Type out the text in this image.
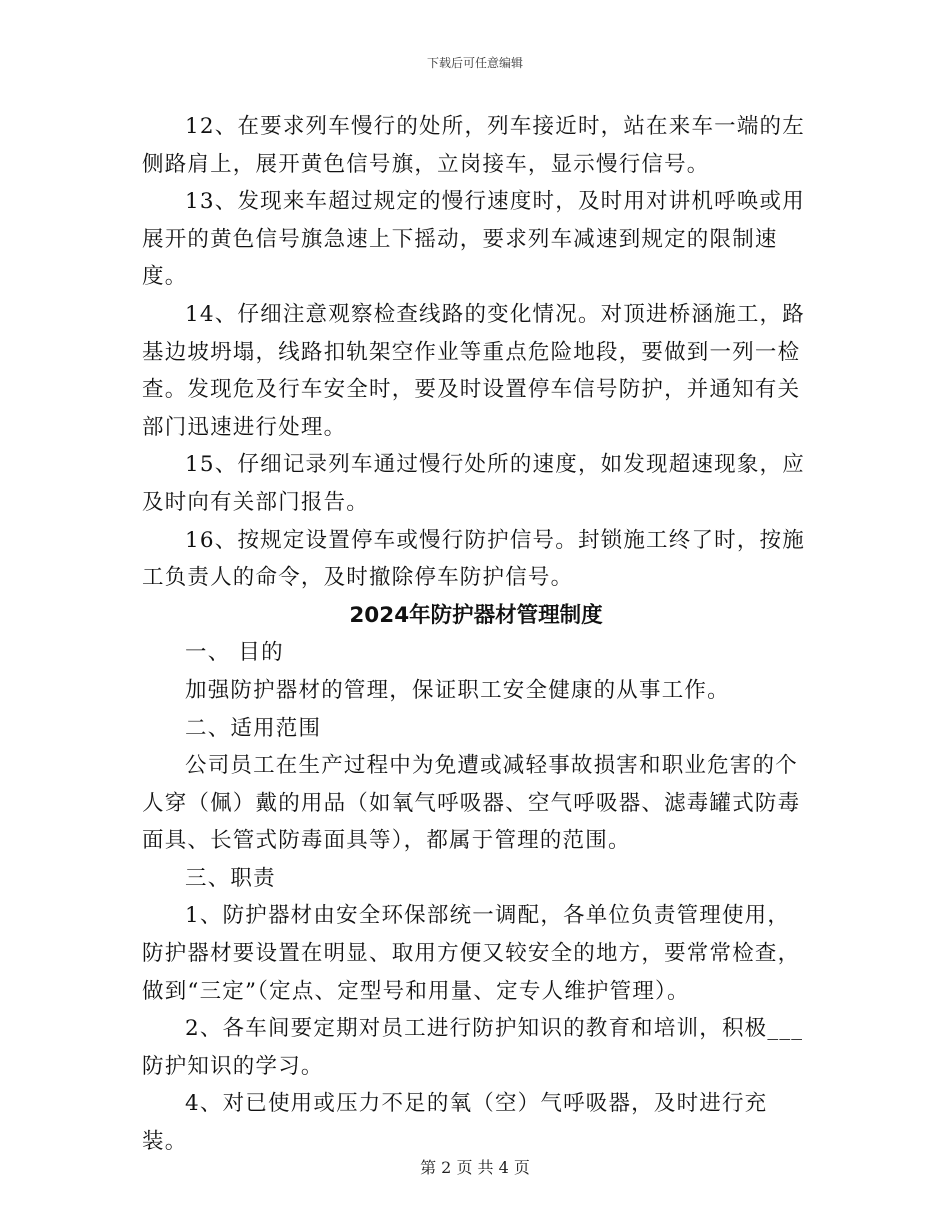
下载后可任意编辑

12、在要求列车慢行的处所，列车接近时，站在来车一端的左侧路肩上，展开黄色信号旗，立岗接车，显示慢行信号。

13、发现来车超过规定的慢行速度时，及时用对讲机呼唤或用展开的黄色信号旗急速上下摇动，要求列车减速到规定的限制速度。

14、仔细注意观察检查线路的变化情况。对顶进桥涵施工，路基边坡坍塌，线路扣轨架空作业等重点危险地段，要做到一列一检查。发现危及行车安全时，要及时设置停车信号防护，并通知有关部门迅速进行处理。

15、仔细记录列车通过慢行处所的速度，如发现超速现象，应及时向有关部门报告。

16、按规定设置停车或慢行防护信号。封锁施工终了时，按施工负责人的命令，及时撤除停车防护信号。

2024年防护器材管理制度

一、 目的

加强防护器材的管理，保证职工安全健康的从事工作。

二、适用范围

公司员工在生产过程中为免遭或减轻事故损害和职业危害的个人穿（佩）戴的用品（如氧气呼吸器、空气呼吸器、滤毒罐式防毒面具、长管式防毒面具等），都属于管理的范围。

三、职责

1、防护器材由安全环保部统一调配，各单位负责管理使用，防护器材要设置在明显、取用方便又较安全的地方，要常常检查，做到“三定”（定点、定型号和用量、定专人维护管理）。

2、各车间要定期对员工进行防护知识的教育和培训，积极___防护知识的学习。

4、对已使用或压力不足的氧（空）气呼吸器，及时进行充装。

第 2 页 共 4 页
